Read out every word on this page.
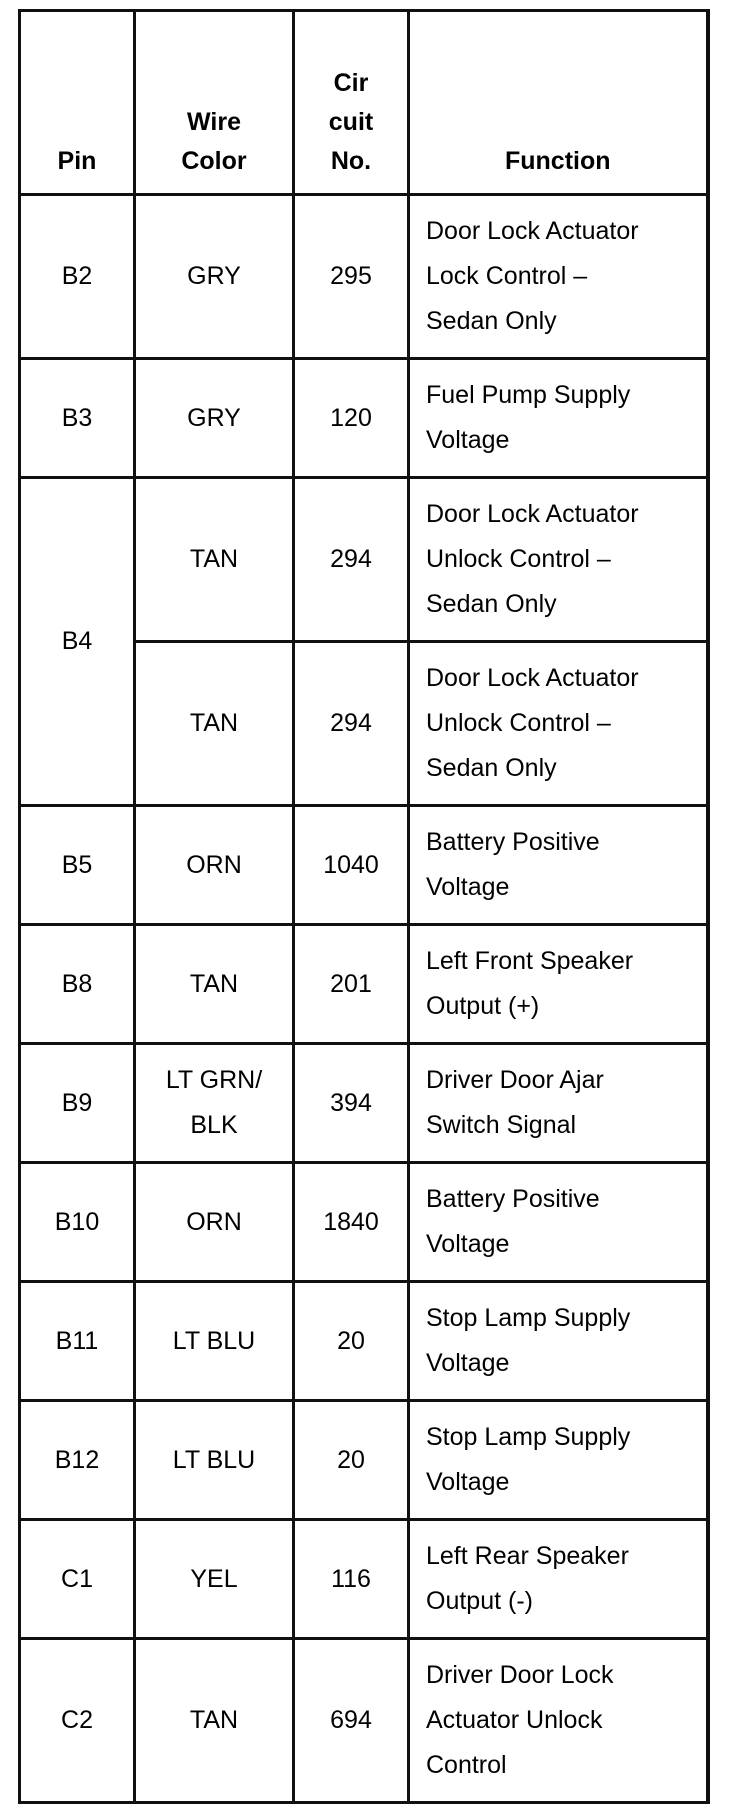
Pin	Wire
Color	Cir
cuit
No.	Function

B2	GRY	295	Door Lock Actuator
Lock Control –
Sedan Only

B3	GRY	120	Fuel Pump Supply
Voltage

B4	TAN	294	Door Lock Actuator
Unlock Control –
Sedan Only

	TAN	294	Door Lock Actuator
Unlock Control –
Sedan Only

B5	ORN	1040	Battery Positive
Voltage

B8	TAN	201	Left Front Speaker
Output (+)

B9	LT GRN/
BLK	394	Driver Door Ajar
Switch Signal

B10	ORN	1840	Battery Positive
Voltage

B11	LT BLU	20	Stop Lamp Supply
Voltage

B12	LT BLU	20	Stop Lamp Supply
Voltage

C1	YEL	116	Left Rear Speaker
Output (-)

C2	TAN	694	Driver Door Lock
Actuator Unlock
Control
